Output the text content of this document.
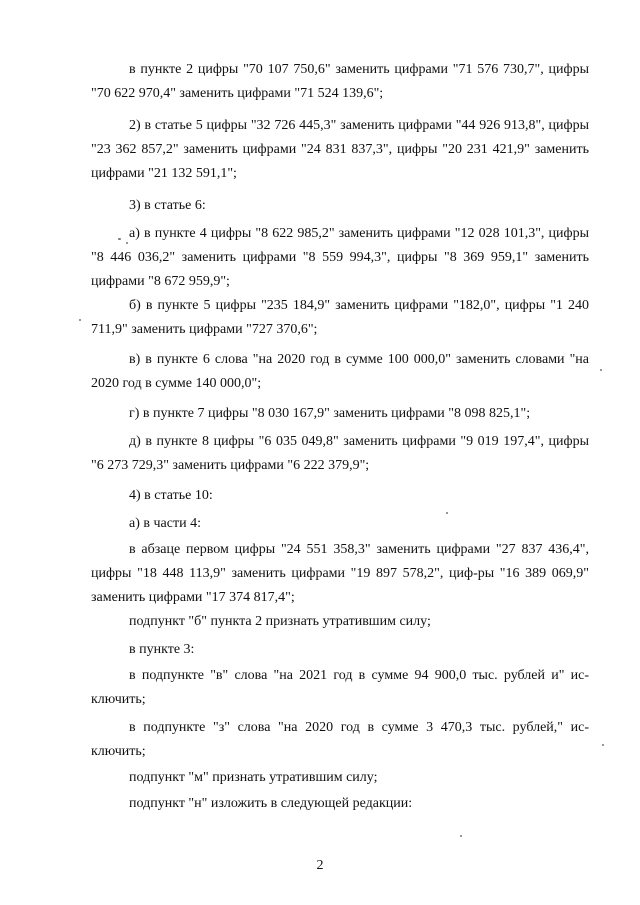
в пункте 2 цифры "70 107 750,6" заменить цифрами "71 576 730,7", цифры "70 622 970,4" заменить цифрами "71 524 139,6";
2) в статье 5 цифры "32 726 445,3" заменить цифрами "44 926 913,8", цифры "23 362 857,2" заменить цифрами "24 831 837,3", цифры "20 231 421,9" заменить цифрами "21 132 591,1";
3) в статье 6:
а) в пункте 4 цифры "8 622 985,2" заменить цифрами "12 028 101,3", цифры "8 446 036,2" заменить цифрами "8 559 994,3", цифры "8 369 959,1" заменить цифрами "8 672 959,9";
б) в пункте 5 цифры "235 184,9" заменить цифрами "182,0", цифры "1 240 711,9" заменить цифрами "727 370,6";
в) в пункте 6 слова "на 2020 год в сумме 100 000,0" заменить словами "на 2020 год в сумме 140 000,0";
г) в пункте 7 цифры "8 030 167,9" заменить цифрами "8 098 825,1";
д) в пункте 8 цифры "6 035 049,8" заменить цифрами "9 019 197,4", цифры "6 273 729,3" заменить цифрами "6 222 379,9";
4) в статье 10:
а) в части 4:
в абзаце первом цифры "24 551 358,3" заменить цифрами "27 837 436,4", цифры "18 448 113,9" заменить цифрами "19 897 578,2", циф-ры "16 389 069,9" заменить цифрами "17 374 817,4";
подпункт "б" пункта 2 признать утратившим силу;
в пункте 3:
в подпункте "в" слова "на 2021 год в сумме 94 900,0 тыс. рублей и" ис-ключить;
в подпункте "з" слова "на 2020 год в сумме 3 470,3 тыс. рублей," ис-ключить;
подпункт "м" признать утратившим силу;
подпункт "н" изложить в следующей редакции:
2
